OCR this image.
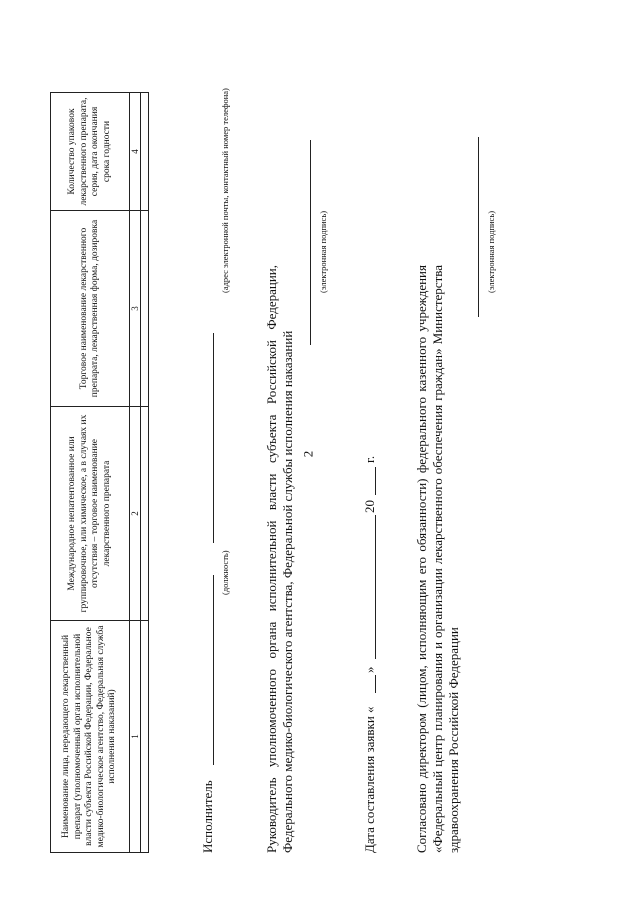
2
Наименование лица, передающего лекарственный препарат (уполномоченный орган исполнительной власти субъекта Российской Федерации, Федеральное медико-биологическое агентство, Федеральная служба исполнения наказаний)	Международное непатентованное или группировочное, или химическое, а в случаях их отсутствия – торговое наименование лекарственного препарата	Торговое наименование лекарственного препарата, лекарственная форма, дозировка	Количество упаковок лекарственного препарата, серия, дата окончания срока годности
1	2	3	4

Исполнитель
(должность)
(адрес электронной почты, контактный номер телефона)
Руководитель уполномоченного органа исполнительной власти субъекта Российской Федерации, Федерального медико-биологического агентства, Федеральной службы исполнения наказаний
(электронная подпись)
Дата составления заявки «
»
20
г.	Согласовано директором (лицом, исполняющим его обязанности) федерального казенного учреждения «Федеральный центр планирования и организации лекарственного обеспечения граждан» Министерства здравоохранения Российской Федерации
(электронная подпись)
